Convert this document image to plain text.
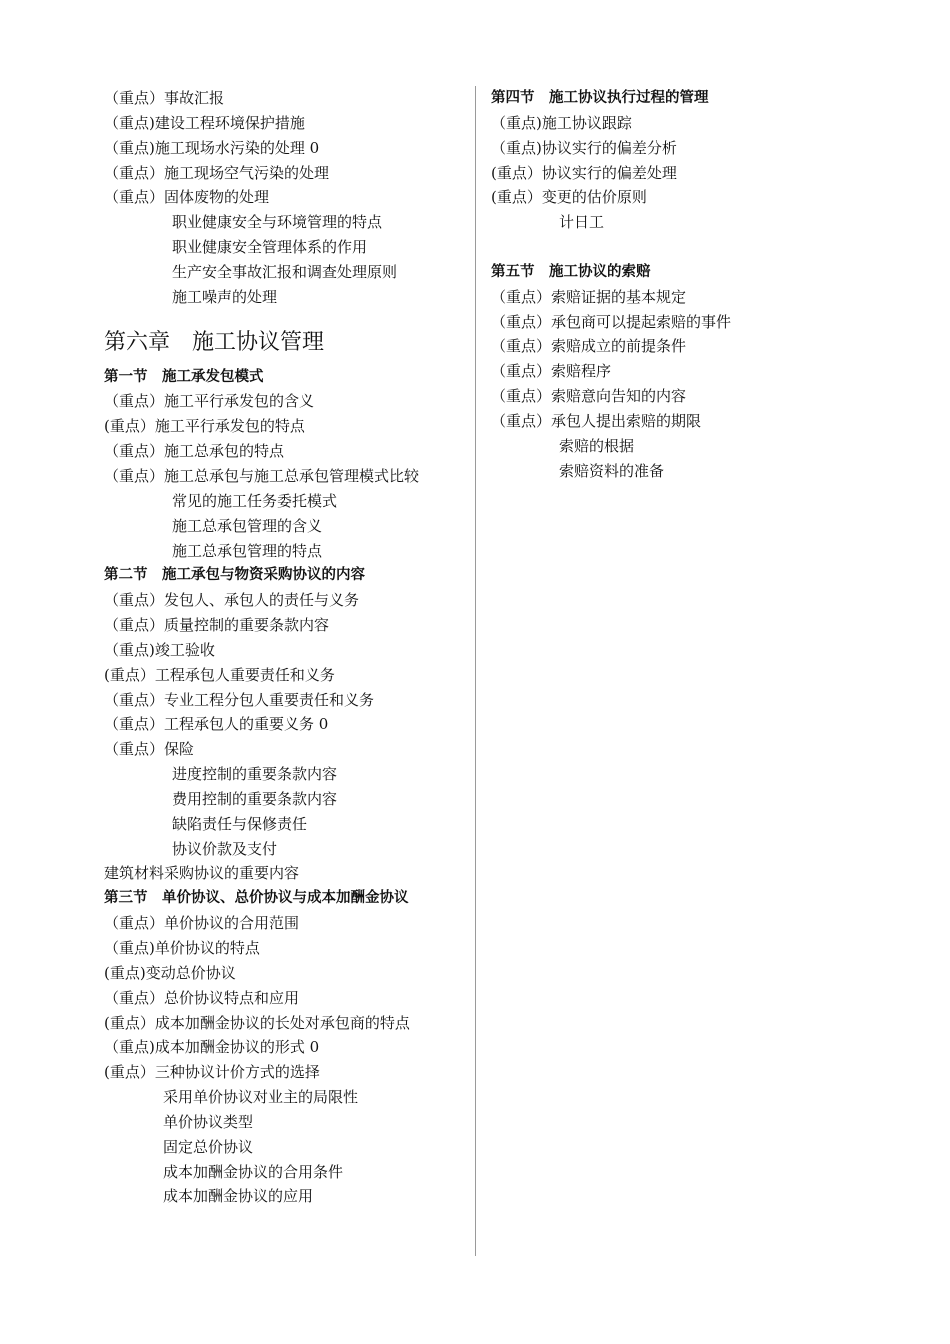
（重点）事故汇报
（重点)建设工程环境保护措施
（重点)施工现场水污染的处理 0
（重点）施工现场空气污染的处理
（重点）固体废物的处理
职业健康安全与环境管理的特点
职业健康安全管理体系的作用
生产安全事故汇报和调查处理原则
施工噪声的处理
第六章　施工协议管理
第一节　施工承发包模式
（重点）施工平行承发包的含义
(重点）施工平行承发包的特点
（重点）施工总承包的特点
（重点）施工总承包与施工总承包管理模式比较
常见的施工任务委托模式
施工总承包管理的含义
施工总承包管理的特点
第二节　施工承包与物资采购协议的内容
（重点）发包人、承包人的责任与义务
（重点）质量控制的重要条款内容
（重点)竣工验收
(重点）工程承包人重要责任和义务
（重点）专业工程分包人重要责任和义务
（重点）工程承包人的重要义务 0
（重点）保险
进度控制的重要条款内容
费用控制的重要条款内容
缺陷责任与保修责任
协议价款及支付
建筑材料采购协议的重要内容
第三节　单价协议、总价协议与成本加酬金协议
（重点）单价协议的合用范围
（重点)单价协议的特点
(重点)变动总价协议
（重点）总价协议特点和应用
(重点）成本加酬金协议的长处对承包商的特点
（重点)成本加酬金协议的形式 0
(重点）三种协议计价方式的选择
采用单价协议对业主的局限性
单价协议类型
固定总价协议
成本加酬金协议的合用条件
成本加酬金协议的应用
第四节　施工协议执行过程的管理
（重点)施工协议跟踪
（重点)协议实行的偏差分析
(重点）协议实行的偏差处理
(重点）变更的估价原则
计日工
第五节　施工协议的索赔
（重点）索赔证据的基本规定
（重点）承包商可以提起索赔的事件
（重点）索赔成立的前提条件
（重点）索赔程序
（重点）索赔意向告知的内容
（重点）承包人提出索赔的期限
索赔的根据
索赔资料的准备
